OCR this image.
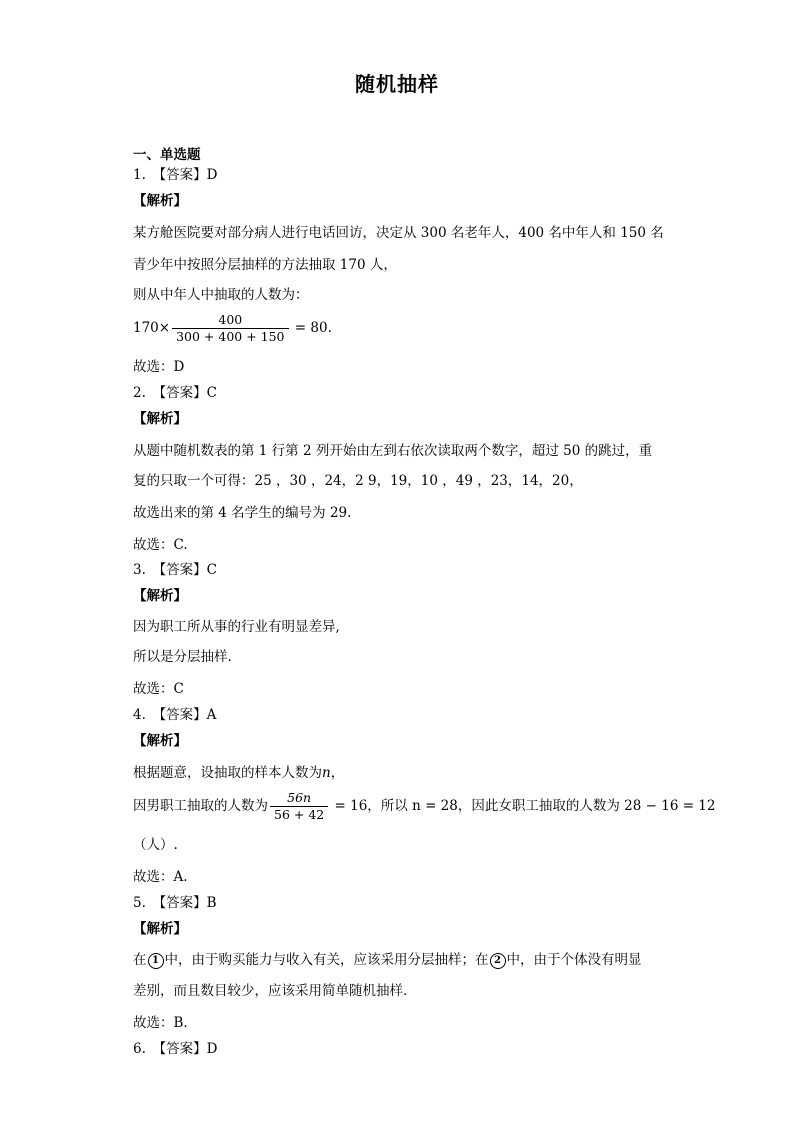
随机抽样
一、单选题
1.　【答案】D
【解析】
某方舱医院要对部分病人进行电话回访，决定从 300 名老年人，400 名中年人和 150 名
青少年中按照分层抽样的方法抽取 170 人，
则从中年人中抽取的人数为：
$170\times \frac{400}{300 + 400 + 150} = 80$.
故选：D
2.　【答案】C
【解析】
从题中随机数表的第 1 行第 2 列开始由左到右依次读取两个数字，超过 50 的跳过，重
复的只取一个可得：25 ，30 ，24，2 9，19，10 ，49 ，23，14，20，
故选出来的第 4 名学生的编号为 29.
故选：C.
3.　【答案】C
【解析】
因为职工所从事的行业有明显差异,
所以是分层抽样.
故选：C
4.　【答案】A
【解析】
根据题意，设抽取的样本人数为n，
因男职工抽取的人数为 $\frac{56n}{56 + 42} = 16$，所以 n = 28，因此女职工抽取的人数为 28 − 16 = 12
（人）.
故选：A.
5.　【答案】B
【解析】
在 1 中，由于购买能力与收入有关，应该采用分层抽样；在 2 中，由于个体没有明显
差别，而且数目较少，应该采用简单随机抽样．
故选：B．
6.　【答案】D
